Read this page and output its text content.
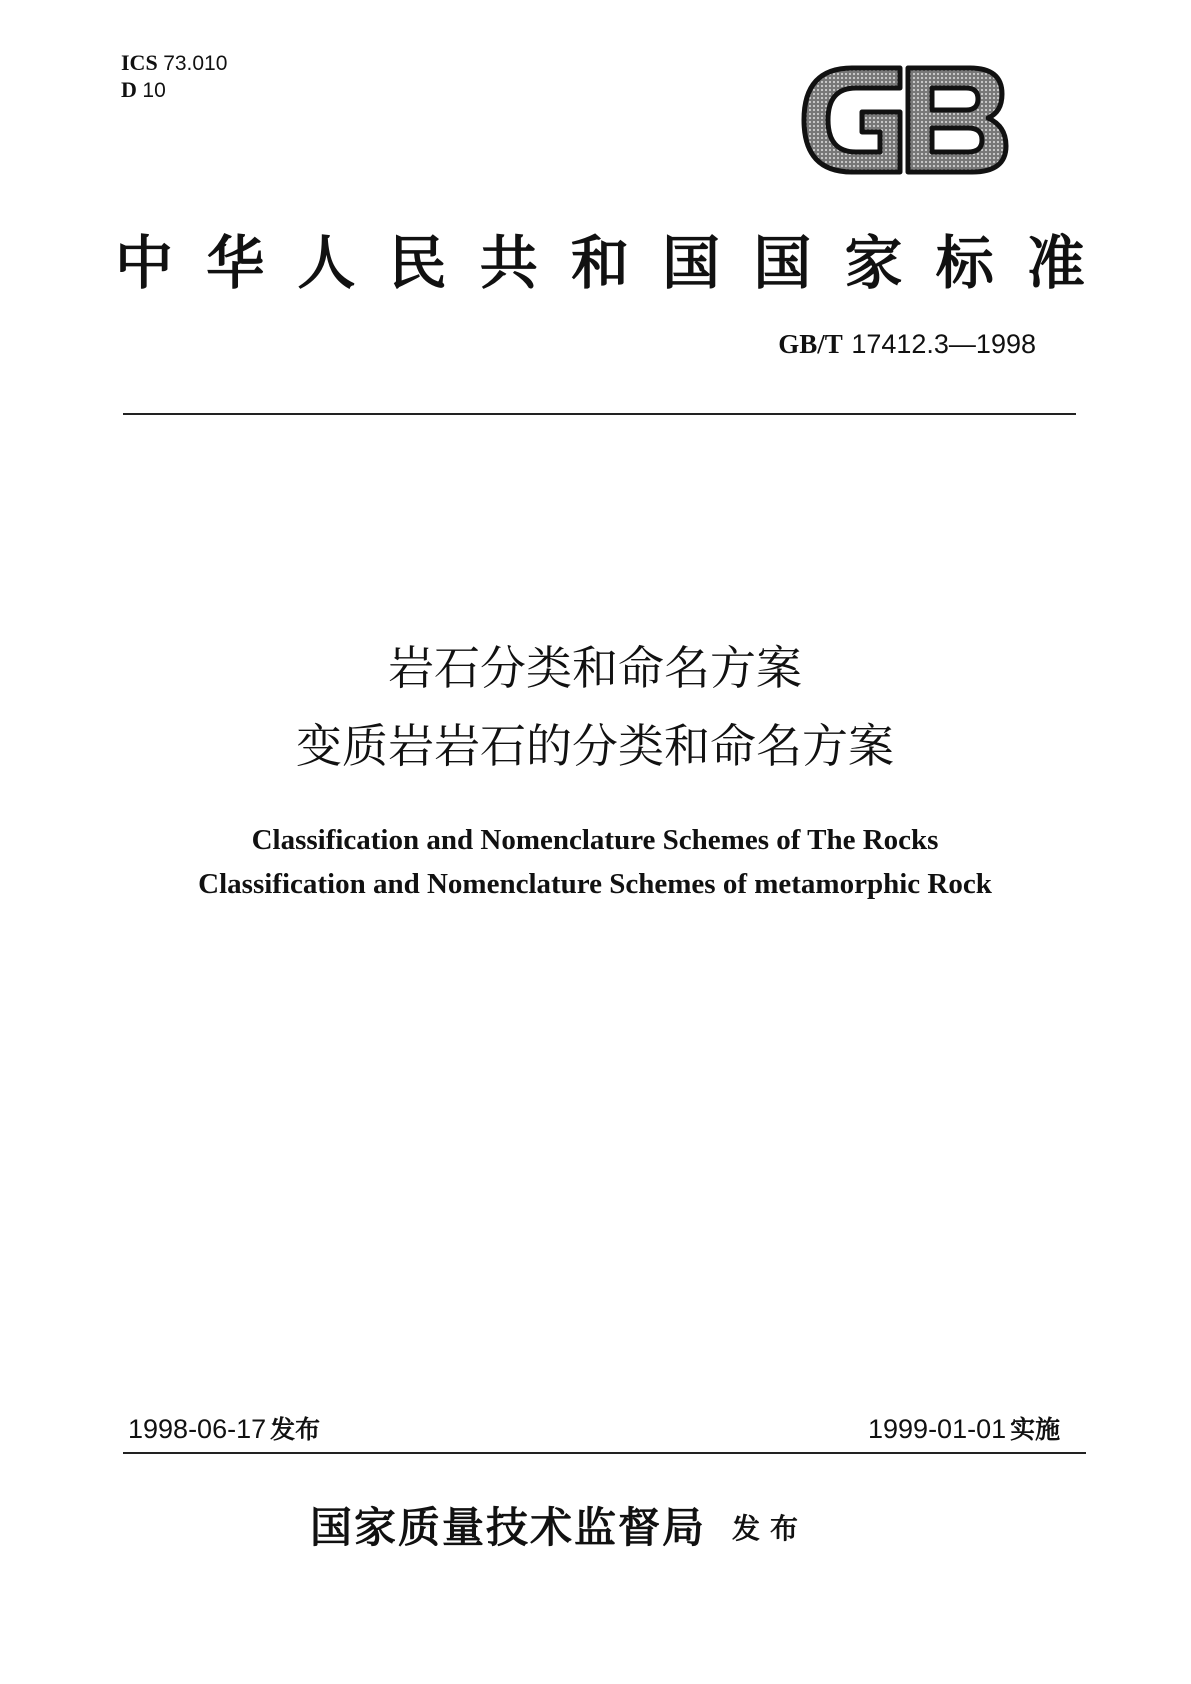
ICS 73.010
D 10
中 华 人 民 共 和 国 国 家 标 准
GB/T 17412.3—1998
岩石分类和命名方案
变质岩岩石的分类和命名方案
Classification and Nomenclature Schemes of The Rocks
Classification and Nomenclature Schemes of metamorphic Rock
1998-06-17 发布	1999-01-01 实施
国家质量技术监督局 发布
